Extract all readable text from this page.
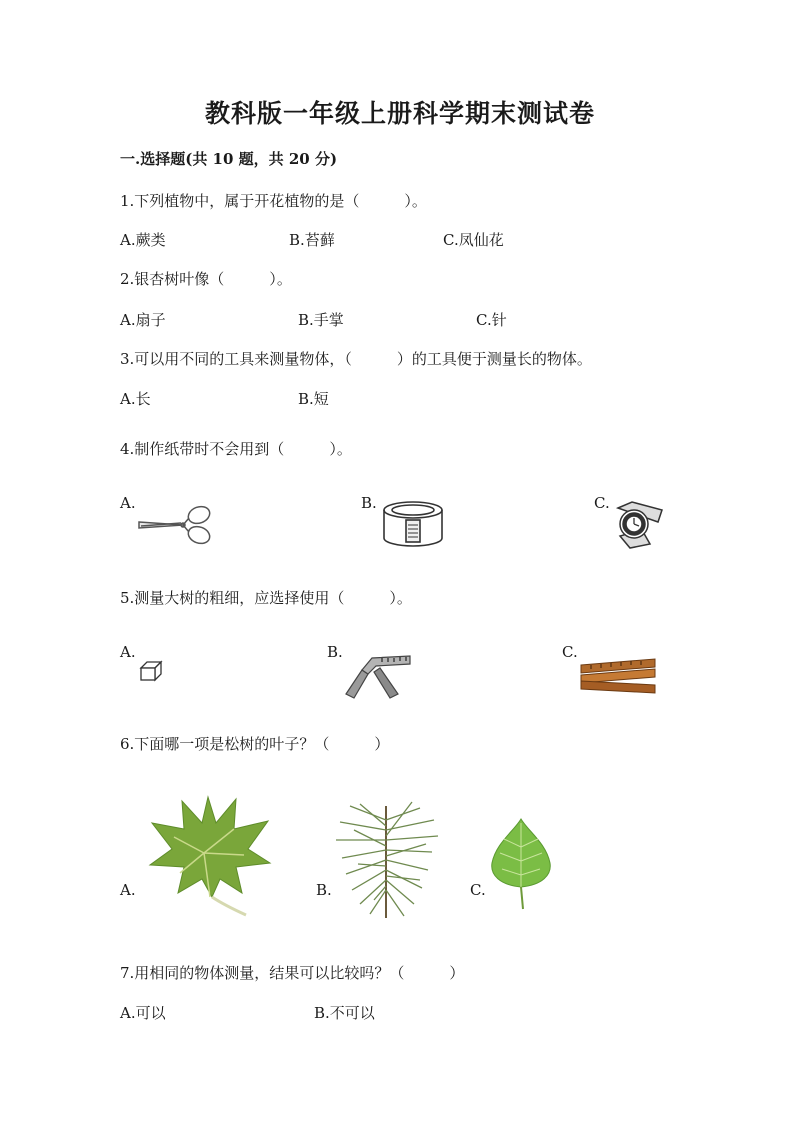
教科版一年级上册科学期末测试卷
一.选择题(共 10 题，共 20 分)
1.下列植物中，属于开花植物的是（　　　）。
A.蕨类	B.苔藓	C.凤仙花
2.银杏树叶像（　　　）。
A.扇子	B.手掌	C.针
3.可以用不同的工具来测量物体，（　　　）的工具便于测量长的物体。
A.长	B.短
4.制作纸带时不会用到（　　　）。
A.	B.	C.
5.测量大树的粗细，应选择使用（　　　）。
A.	B.	C.
6.下面哪一项是松树的叶子？（　　　）
A.	B.	C.
7.用相同的物体测量，结果可以比较吗？（　　　）
A.可以	B.不可以
